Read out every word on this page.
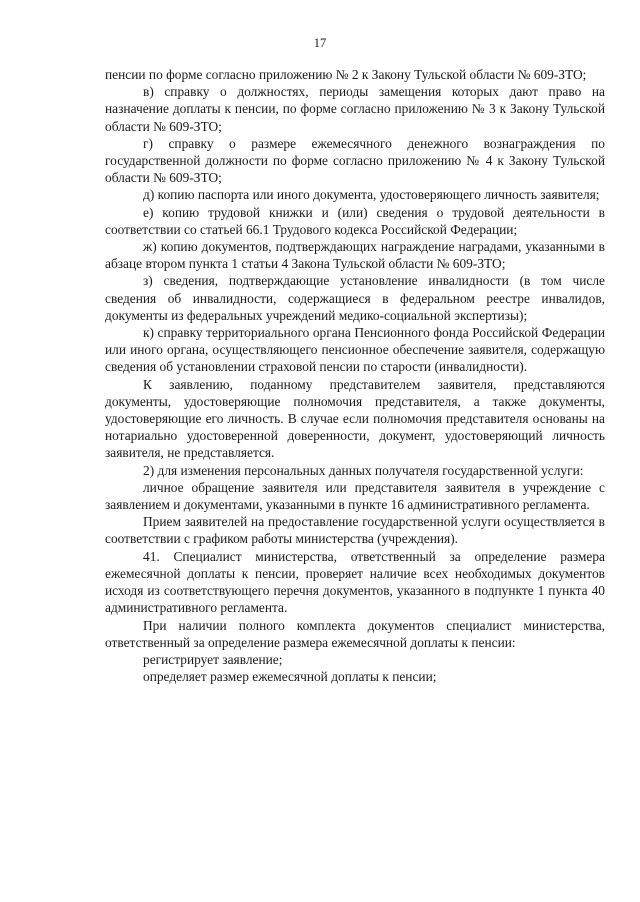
17

пенсии по форме согласно приложению № 2 к Закону Тульской области № 609-ЗТО;

в) справку о должностях, периоды замещения которых дают право на назначение доплаты к пенсии, по форме согласно приложению № 3 к Закону Тульской области № 609-ЗТО;

г) справку о размере ежемесячного денежного вознаграждения по государственной должности по форме согласно приложению № 4 к Закону Тульской области № 609-ЗТО;

д) копию паспорта или иного документа, удостоверяющего личность заявителя;

е) копию трудовой книжки и (или) сведения о трудовой деятельности в соответствии со статьей 66.1 Трудового кодекса Российской Федерации;

ж) копию документов, подтверждающих награждение наградами, указанными в абзаце втором пункта 1 статьи 4 Закона Тульской области № 609-ЗТО;

з) сведения, подтверждающие установление инвалидности (в том числе сведения об инвалидности, содержащиеся в федеральном реестре инвалидов, документы из федеральных учреждений медико-социальной экспертизы);

к) справку территориального органа Пенсионного фонда Российской Федерации или иного органа, осуществляющего пенсионное обеспечение заявителя, содержащую сведения об установлении страховой пенсии по старости (инвалидности).

К заявлению, поданному представителем заявителя, представляются документы, удостоверяющие полномочия представителя, а также документы, удостоверяющие его личность. В случае если полномочия представителя основаны на нотариально удостоверенной доверенности, документ, удостоверяющий личность заявителя, не представляется.

2) для изменения персональных данных получателя государственной услуги:

личное обращение заявителя или представителя заявителя в учреждение с заявлением и документами, указанными в пункте 16 административного регламента.

Прием заявителей на предоставление государственной услуги осуществляется в соответствии с графиком работы министерства (учреждения).

41. Специалист министерства, ответственный за определение размера ежемесячной доплаты к пенсии, проверяет наличие всех необходимых документов исходя из соответствующего перечня документов, указанного в подпункте 1 пункта 40 административного регламента.

При наличии полного комплекта документов специалист министерства, ответственный за определение размера ежемесячной доплаты к пенсии:

регистрирует заявление;

определяет размер ежемесячной доплаты к пенсии;
